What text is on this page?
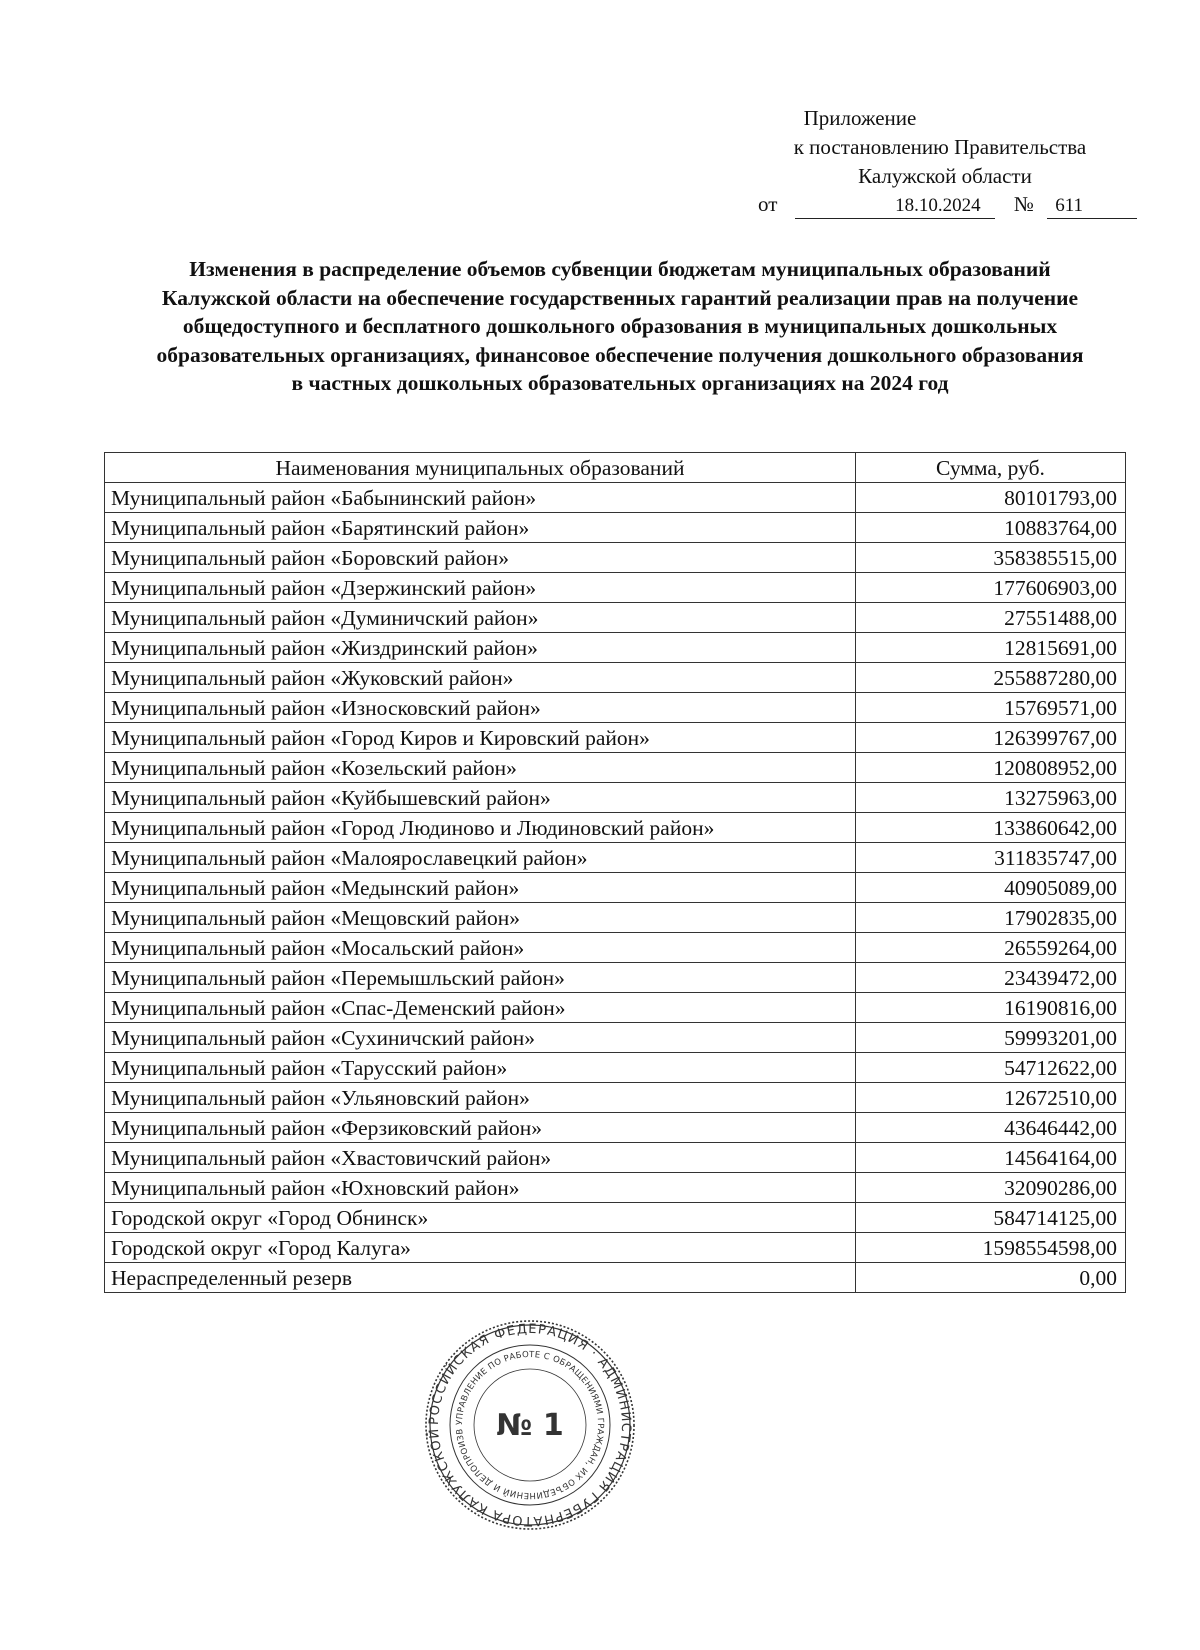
Приложение
к постановлению Правительства
Калужской области
от	18.10.2024 № 611
Изменения в распределение объемов субвенции бюджетам муниципальных образований Калужской области на обеспечение государственных гарантий реализации прав на получение общедоступного и бесплатного дошкольного образования в муниципальных дошкольных образовательных организациях, финансовое обеспечение получения дошкольного образования в частных дошкольных образовательных организациях на 2024 год
Наименования муниципальных образований	Сумма, руб.
Муниципальный район «Бабынинский район»	80101793,00
Муниципальный район «Барятинский район»	10883764,00
Муниципальный район «Боровский район»	358385515,00
Муниципальный район «Дзержинский район»	177606903,00
Муниципальный район «Думиничский район»	27551488,00
Муниципальный район «Жиздринский район»	12815691,00
Муниципальный район «Жуковский район»	255887280,00
Муниципальный район «Износковский район»	15769571,00
Муниципальный район «Город Киров и Кировский район»	126399767,00
Муниципальный район «Козельский район»	120808952,00
Муниципальный район «Куйбышевский район»	13275963,00
Муниципальный район «Город Людиново и Людиновский район»	133860642,00
Муниципальный район «Малоярославецкий район»	311835747,00
Муниципальный район «Медынский район»	40905089,00
Муниципальный район «Мещовский район»	17902835,00
Муниципальный район «Мосальский район»	26559264,00
Муниципальный район «Перемышльский район»	23439472,00
Муниципальный район «Спас-Деменский район»	16190816,00
Муниципальный район «Сухиничский район»	59993201,00
Муниципальный район «Тарусский район»	54712622,00
Муниципальный район «Ульяновский район»	12672510,00
Муниципальный район «Ферзиковский район»	43646442,00
Муниципальный район «Хвастовичский район»	14564164,00
Муниципальный район «Юхновский район»	32090286,00
Городской округ «Город Обнинск»	584714125,00
Городской округ «Город Калуга»	1598554598,00
Нераспределенный резерв	0,00
РОССИЙСКАЯ ФЕДЕРАЦИЯ · АДМИНИСТРАЦИЯ ГУБЕРНАТОРА КАЛУЖСКОЙ
УПРАВЛЕНИЕ ПО РАБОТЕ С ОБРАЩЕНИЯМИ ГРАЖДАН, ИХ ОБЪЕДИНЕНИЙ И ДЕЛОПРОИЗВ	№ 1
